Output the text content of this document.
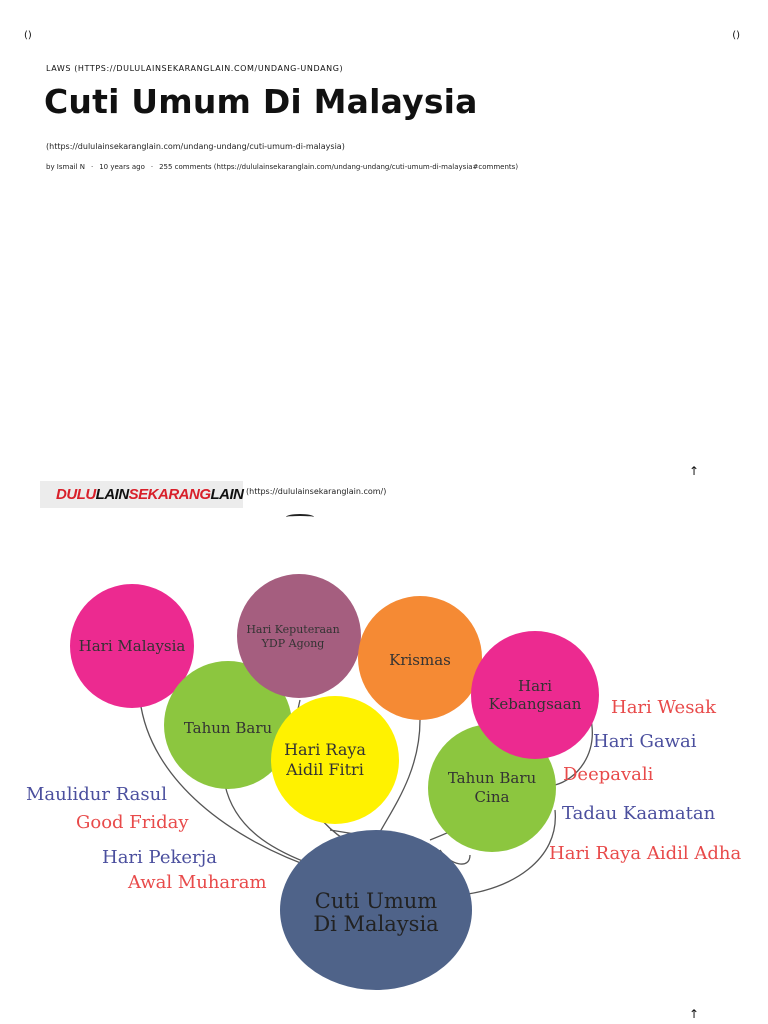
()	()
LAWS (HTTPS://DULULAINSEKARANGLAIN.COM/UNDANG-UNDANG)
Cuti Umum Di Malaysia
(https://dululainsekaranglain.com/undang-undang/cuti-umum-di-malaysia)
by Ismail N · 10 years ago · 255 comments (https://dululainsekaranglain.com/undang-undang/cuti-umum-di-malaysia#comments)
↑
↑
DULU LAIN SEKARANG LAIN (https://dululainsekaranglain.com/)
Hari Malaysia
Tahun Baru
Hari Keputeraan
YDP Agong
Krismas
Tahun Baru
Cina
Hari
Kebangsaan
Hari Raya
Aidil Fitri
Cuti Umum
Di Malaysia
Maulidur Rasul
Good Friday
Hari Pekerja
Awal Muharam
Hari Wesak
Hari Gawai
Deepavali
Tadau Kaamatan
Hari Raya Aidil Adha
